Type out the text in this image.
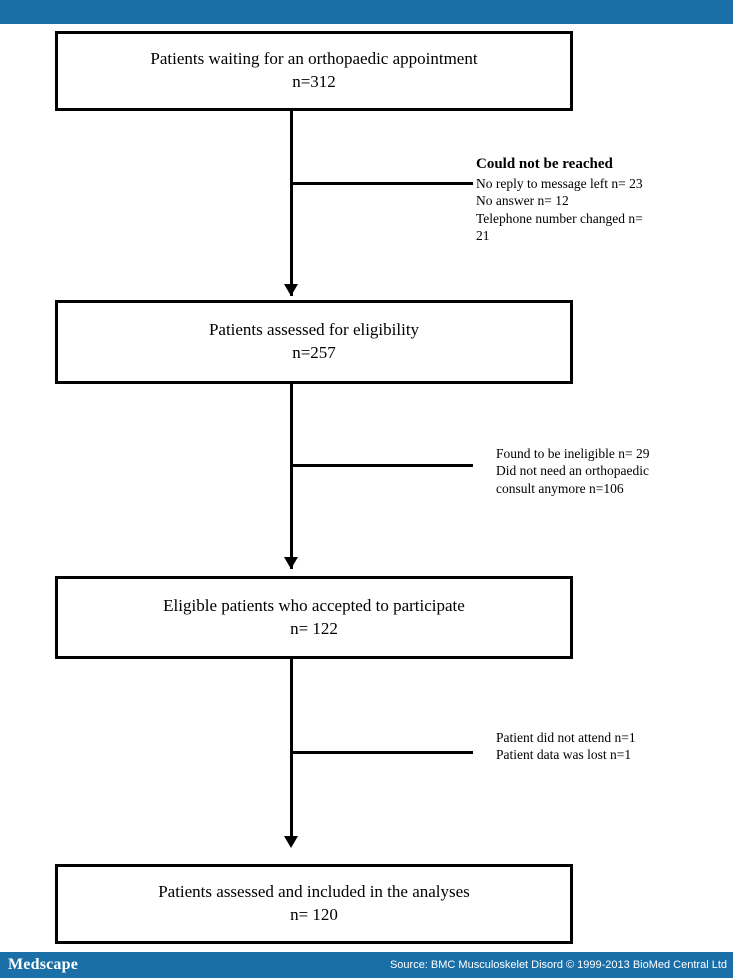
Patients waiting for an orthopaedic appointment
n=312
Could not be reached
No reply to message left n= 23
No answer n= 12
Telephone number changed n=
21
Patients assessed for eligibility
n=257
Found to be ineligible n= 29
Did not need an orthopaedic
consult anymore n=106
Eligible patients who accepted to participate
n= 122
Patient did not attend n=1
Patient data was lost n=1
Patients assessed and included in the analyses
n= 120
Medscape	Source: BMC Musculoskelet Disord © 1999-2013 BioMed Central Ltd
